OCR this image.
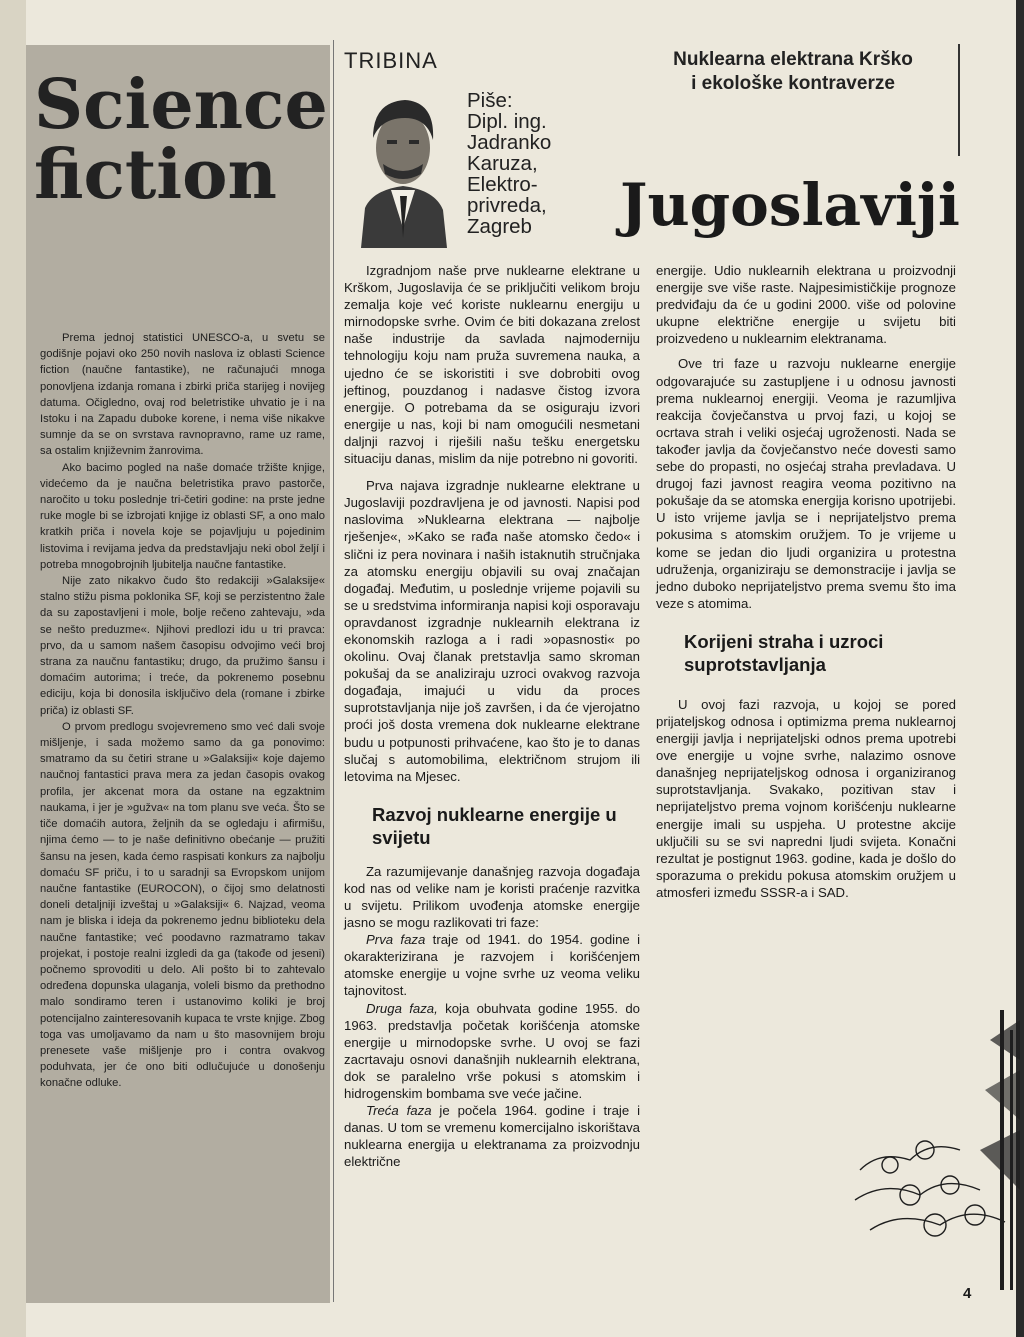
Science
fiction

Prema jednoj statistici UNESCO-a, u svetu se godišnje pojavi oko 250 novih naslova iz oblasti Science fiction (naučne fantastike), ne računajući mnoga ponovljena izdanja romana i zbirki priča starijeg i novijeg datuma. Očigledno, ovaj rod beletristike uhvatio je i na Istoku i na Zapadu duboke korene, i nema više nikakve sumnje da se on svrstava ravnopravno, rame uz rame, sa ostalim književnim žanrovima.

Ako bacimo pogled na naše domaće tržište knjige, videćemo da je naučna beletristika pravo pastorče, naročito u toku poslednje tri-četiri godine: na prste jedne ruke mogle bi se izbrojati knjige iz oblasti SF, a ono malo kratkih priča i novela koje se pojavljuju u pojedinim listovima i revijama jedva da predstavljaju neki obol željí i potreba mnogobrojnih ljubitelja naučne fantastike.

Nije zato nikakvo čudo što redakciji »Galaksije« stalno stižu pisma poklonika SF, koji se perzistentno žale da su zapostavljeni i mole, bolje rečeno zahtevaju, »da se nešto preduzme«. Njihovi predlozi idu u tri pravca: prvo, da u samom našem časopisu odvojimo veći broj strana za naučnu fantastiku; drugo, da pružimo šansu i domaćim autorima; i treće, da pokrenemo posebnu ediciju, koja bi donosila isključivo dela (romane i zbirke priča) iz oblasti SF.

O prvom predlogu svojevremeno smo već dali svoje mišljenje, i sada možemo samo da ga ponovimo: smatramo da su četiri strane u »Galaksiji« koje dajemo naučnoj fantastici prava mera za jedan časopis ovakog profila, jer akcenat mora da ostane na egzaktnim naukama, i jer je »gužva« na tom planu sve veća. Što se tiče domaćih autora, željnih da se ogledaju i afirmišu, njima ćemo — to je naše definitivno obećanje — pružiti šansu na jesen, kada ćemo raspisati konkurs za najbolju domaću SF priču, i to u saradnji sa Evropskom unijom naučne fantastike (EUROCON), o čijoj smo delatnosti doneli detaljniji izveštaj u »Galaksiji« 6. Najzad, veoma nam je bliska i ideja da pokrenemo jednu biblioteku dela naučne fantastike; već poodavno razmatramo takav projekat, i postoje realni izgledi da ga (takođe od jeseni) počnemo sprovoditi u delo. Ali pošto bi to zahtevalo određena dopunska ulaganja, voleli bismo da prethodno malo sondiramo teren i ustanovimo koliki je broj potencijalno zainteresovanih kupaca te vrste knjige. Zbog toga vas umoljavamo da nam u što masovnijem broju prenesete vaše mišljenje pro i contra ovakvog poduhvata, jer će ono biti odlučujuće u donošenju konačne odluke.

TRIBINA
Piše:
Dipl. ing.
Jadranko
Karuza,
Elektro-
privreda,
Zagreb
Nuklearna elektrana Krško
i ekološke kontraverze
Jugoslaviji

Izgradnjom naše prve nuklearne elektrane u Krškom, Jugoslavija će se priključiti velikom broju zemalja koje već koriste nuklearnu energiju u mirnodopske svrhe. Ovim će biti dokazana zrelost naše industrije da savlada najmoderniju tehnologiju koju nam pruža suvremena nauka, a ujedno će se iskoristiti i sve dobrobiti ovog jeftinog, pouzdanog i nadasve čistog izvora energije. O potrebama da se osiguraju izvori energije u nas, koji bi nam omogućili nesmetani daljnji razvoj i riješili našu tešku energetsku situaciju danas, mislim da nije potrebno ni govoriti.

Prva najava izgradnje nuklearne elektrane u Jugoslaviji pozdravljena je od javnosti. Napisi pod naslovima »Nuklearna elektrana — najbolje rješenje«, »Kako se rađa naše atomsko čedo« i slični iz pera novinara i naših istaknutih stručnjaka za atomsku energiju objavili su ovaj značajan događaj. Međutim, u poslednje vrijeme pojavili su se u sredstvima informiranja napisi koji osporavaju opravdanost izgradnje nuklearnih elektrana iz ekonomskih razloga a i radi »opasnosti« po okolinu. Ovaj članak pretstavlja samo skroman pokušaj da se analiziraju uzroci ovakvog razvoja događaja, imajući u vidu da proces suprotstavljanja nije još završen, i da će vjerojatno proći još dosta vremena dok nuklearne elektrane budu u potpunosti prihvaćene, kao što je to danas slučaj s automobilima, električnom strujom ili letovima na Mjesec.

Razvoj nuklearne energije u svijetu

Za razumijevanje današnjeg razvoja događaja kod nas od velike nam je koristi praćenje razvitka u svijetu. Prilikom uvođenja atomske energije jasno se mogu razlikovati tri faze:

Prva faza traje od 1941. do 1954. godine i okarakterizirana je razvojem i korišćenjem atomske energije u vojne svrhe uz veoma veliku tajnovitost.

Druga faza, koja obuhvata godine 1955. do 1963. predstavlja početak korišćenja atomske energije u mirnodopske svrhe. U ovoj se fazi zacrtavaju osnovi današnjih nuklearnih elektrana, dok se paralelno vrše pokusi s atomskim i hidrogenskim bombama sve veće jačine.

Treća faza je počela 1964. godine i traje i danas. U tom se vremenu komercijalno iskorištava nuklearna energija u elektranama za proizvodnju električne

energije. Udio nuklearnih elektrana u proizvodnji energije sve više raste. Najpesimističkije prognoze predviđaju da će u godini 2000. više od polovine ukupne električne energije u svijetu biti proizvedeno u nuklearnim elektranama.

Ove tri faze u razvoju nuklearne energije odgovarajuće su zastupljene i u odnosu javnosti prema nuklearnoj energiji. Veoma je razumljiva reakcija čovječanstva u prvoj fazi, u kojoj se ocrtava strah i veliki osjećaj ugroženosti. Nada se također javlja da čovječanstvo neće dovesti samo sebe do propasti, no osjećaj straha prevladava. U drugoj fazi javnost reagira veoma pozitivno na pokušaje da se atomska energija korisno upotrijebi. U isto vrijeme javlja se i neprijateljstvo prema pokusima s atomskim oružjem. To je vrijeme u kome se jedan dio ljudi organizira u protestna udruženja, organiziraju se demonstracije i javlja se jedno duboko neprijateljstvo prema svemu što ima veze s atomima.

Korijeni straha i uzroci suprotstavljanja

U ovoj fazi razvoja, u kojoj se pored prijateljskog odnosa i optimizma prema nuklearnoj energiji javlja i neprijateljski odnos prema upotrebi ove energije u vojne svrhe, nalazimo osnove današnjeg neprijateljskog odnosa i organiziranog suprotstavljanja. Svakako, pozitivan stav i neprijateljstvo prema vojnom korišćenju nuklearne energije imali su uspjeha. U protestne akcije uključili su se svi napredni ljudi svijeta. Konačni rezultat je postignut 1963. godine, kada je došlo do sporazuma o prekidu pokusa atomskim oružjem u atmosferi između SSSR-a i SAD.

4
